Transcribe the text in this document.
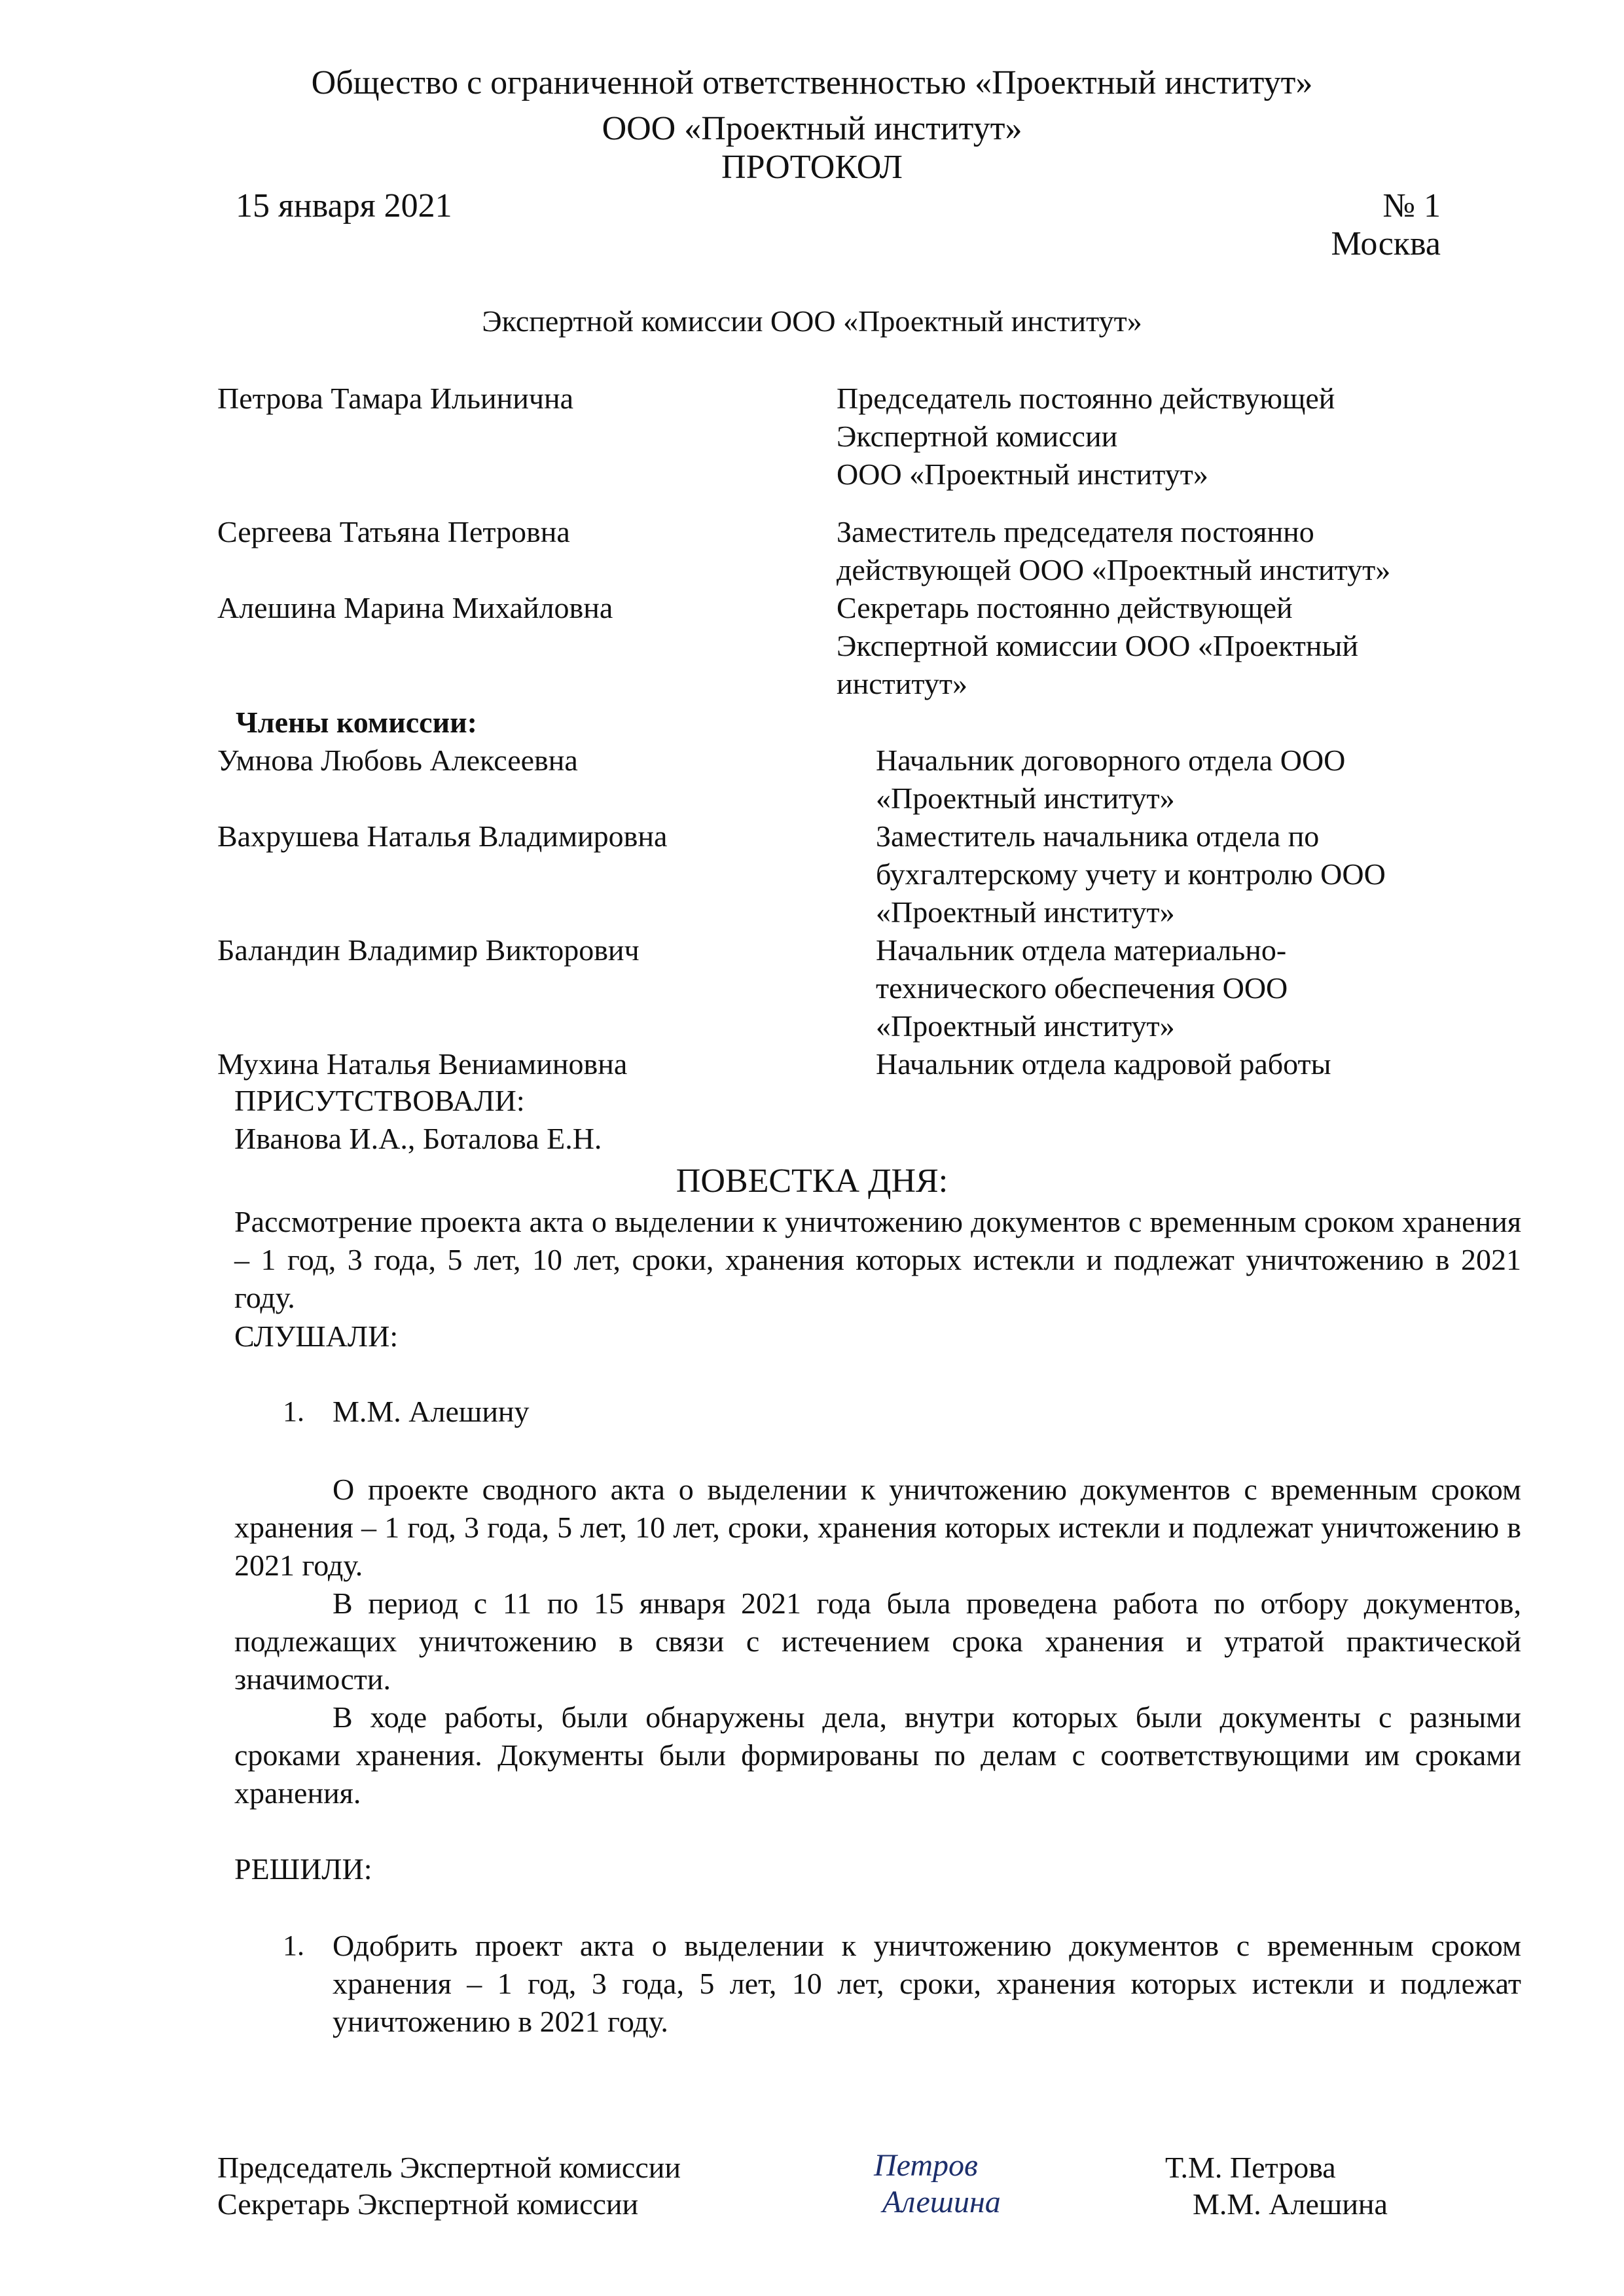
Общество с ограниченной ответственностью «Проектный институт»
ООО «Проектный институт»
ПРОТОКОЛ
15 января 2021	№ 1
Москва
Экспертной комиссии ООО «Проектный институт»
Петрова Тамара Ильинична	Председатель постоянно действующей
Экспертной комиссии
ООО «Проектный институт»
Сергеева Татьяна Петровна	Заместитель председателя постоянно
действующей ООО «Проектный институт»
Алешина Марина Михайловна	Секретарь постоянно действующей
Экспертной комиссии ООО «Проектный
институт»
Члены комиссии:
Умнова Любовь Алексеевна	Начальник договорного отдела ООО
«Проектный институт»
Вахрушева Наталья Владимировна	Заместитель начальника отдела по
бухгалтерскому учету и контролю ООО
«Проектный институт»
Баландин Владимир Викторович	Начальник отдела материально-
технического обеспечения ООО
«Проектный институт»
Мухина Наталья Вениаминовна	Начальник отдела кадровой работы
ПРИСУТСТВОВАЛИ:
Иванова И.А., Боталова Е.Н.
ПОВЕСТКА ДНЯ:
Рассмотрение проекта акта о выделении к уничтожению документов с временным сроком хранения – 1 год, 3 года, 5 лет, 10 лет, сроки, хранения которых истекли и подлежат уничтожению в 2021 году.
СЛУШАЛИ:
1. М.М. Алешину
О проекте сводного акта о выделении к уничтожению документов с временным сроком хранения – 1 год, 3 года, 5 лет, 10 лет, сроки, хранения которых истекли и подлежат уничтожению в 2021 году.
В период с 11 по 15 января 2021 года была проведена работа по отбору документов, подлежащих уничтожению в связи с истечением срока хранения и утратой практической значимости.
В ходе работы, были обнаружены дела, внутри которых были документы с разными сроками хранения. Документы были формированы по делам с соответствующими им сроками хранения.
РЕШИЛИ:
1. Одобрить проект акта о выделении к уничтожению документов с временным сроком хранения – 1 год, 3 года, 5 лет, 10 лет, сроки, хранения которых истекли и подлежат уничтожению в 2021 году.
Председатель Экспертной комиссии	Петров	Т.М. Петрова
Секретарь Экспертной комиссии	Алешина	М.М. Алешина
